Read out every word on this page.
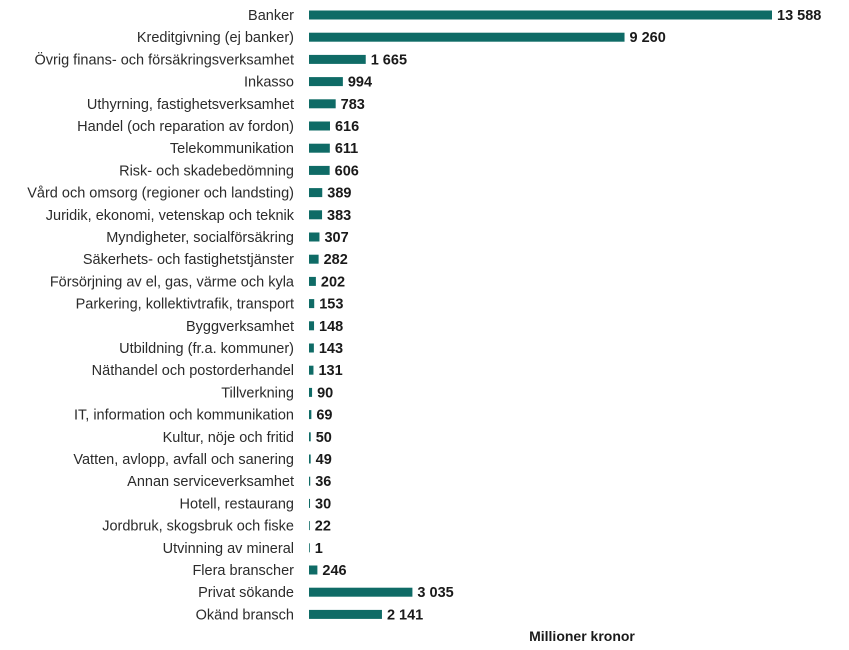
Banker
Kreditgivning (ej banker)
Övrig finans- och försäkringsverksamhet
Inkasso
Uthyrning, fastighetsverksamhet
Handel (och reparation av fordon)
Telekommunikation
Risk- och skadebedömning
Vård och omsorg (regioner och landsting)
Juridik, ekonomi, vetenskap och teknik
Myndigheter, socialförsäkring
Säkerhets- och fastighetstjänster
Försörjning av el, gas, värme och kyla
Parkering, kollektivtrafik, transport
Byggverksamhet
Utbildning (fr.a. kommuner)
Näthandel och postorderhandel
Tillverkning
IT, information och kommunikation
Kultur, nöje och fritid
Vatten, avlopp, avfall och sanering
Annan serviceverksamhet
Hotell, restaurang
Jordbruk, skogsbruk och fiske
Utvinning av mineral
Flera branscher
Privat sökande
Okänd bransch
13 588
9 260
1 665
994
783
616
611
606
389
383
307
282
202
153
148
143
131
90
69
50
49
36
30
22
1
246
3 035
2 141
Millioner kronor
